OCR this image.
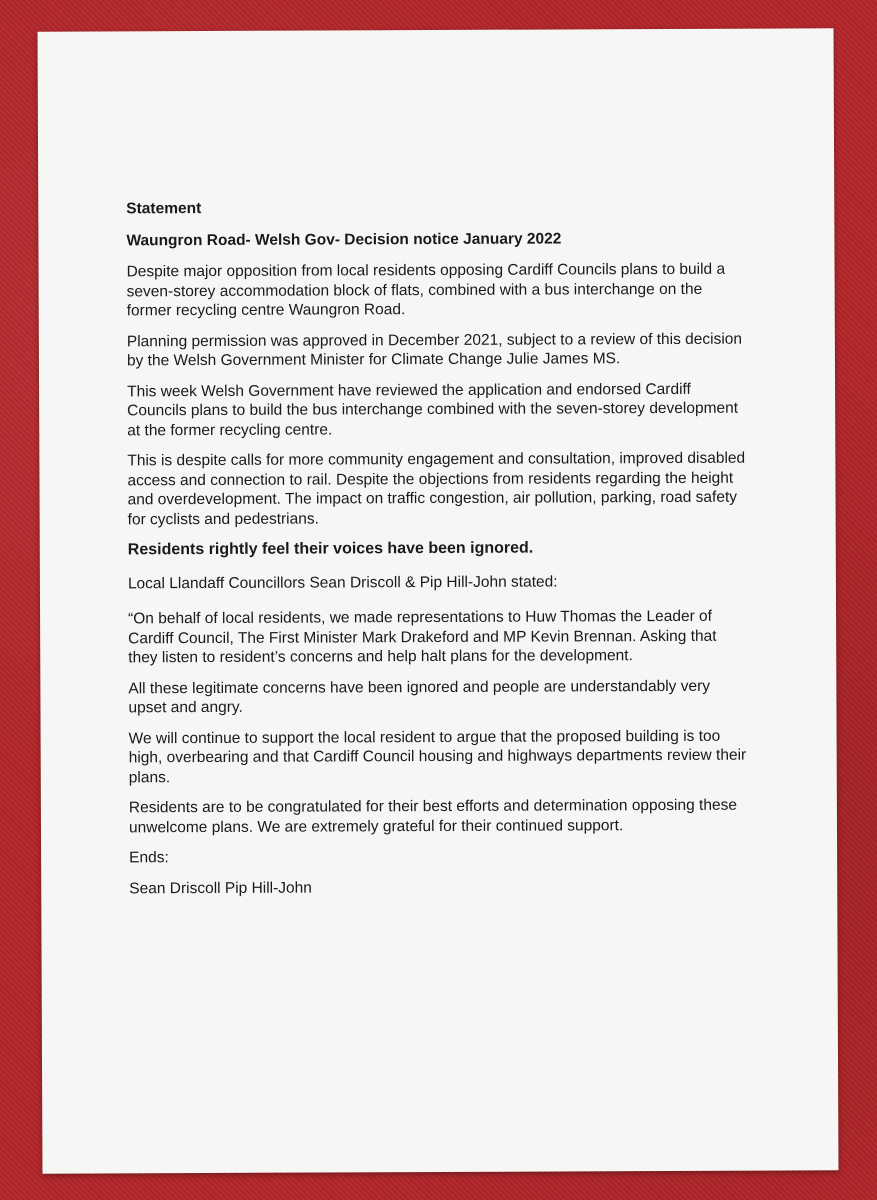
Statement

Waungron Road- Welsh Gov- Decision notice January 2022

Despite major opposition from local residents opposing Cardiff Councils plans to build a seven-storey accommodation block of flats, combined with a bus interchange on the former recycling centre Waungron Road.

Planning permission was approved in December 2021, subject to a review of this decision by the Welsh Government Minister for Climate Change Julie James MS.

This week Welsh Government have reviewed the application and endorsed Cardiff Councils plans to build the bus interchange combined with the seven-storey development at the former recycling centre.

This is despite calls for more community engagement and consultation, improved disabled access and connection to rail. Despite the objections from residents regarding the height and overdevelopment. The impact on traffic congestion, air pollution, parking, road safety for cyclists and pedestrians.

Residents rightly feel their voices have been ignored.

Local Llandaff Councillors Sean Driscoll & Pip Hill-John stated:

“On behalf of local residents, we made representations to Huw Thomas the Leader of Cardiff Council, The First Minister Mark Drakeford and MP Kevin Brennan. Asking that they listen to resident’s concerns and help halt plans for the development.

All these legitimate concerns have been ignored and people are understandably very upset and angry.

We will continue to support the local resident to argue that the proposed building is too high, overbearing and that Cardiff Council housing and highways departments review their plans.

Residents are to be congratulated for their best efforts and determination opposing these unwelcome plans. We are extremely grateful for their continued support.

Ends:

Sean Driscoll Pip Hill-John
